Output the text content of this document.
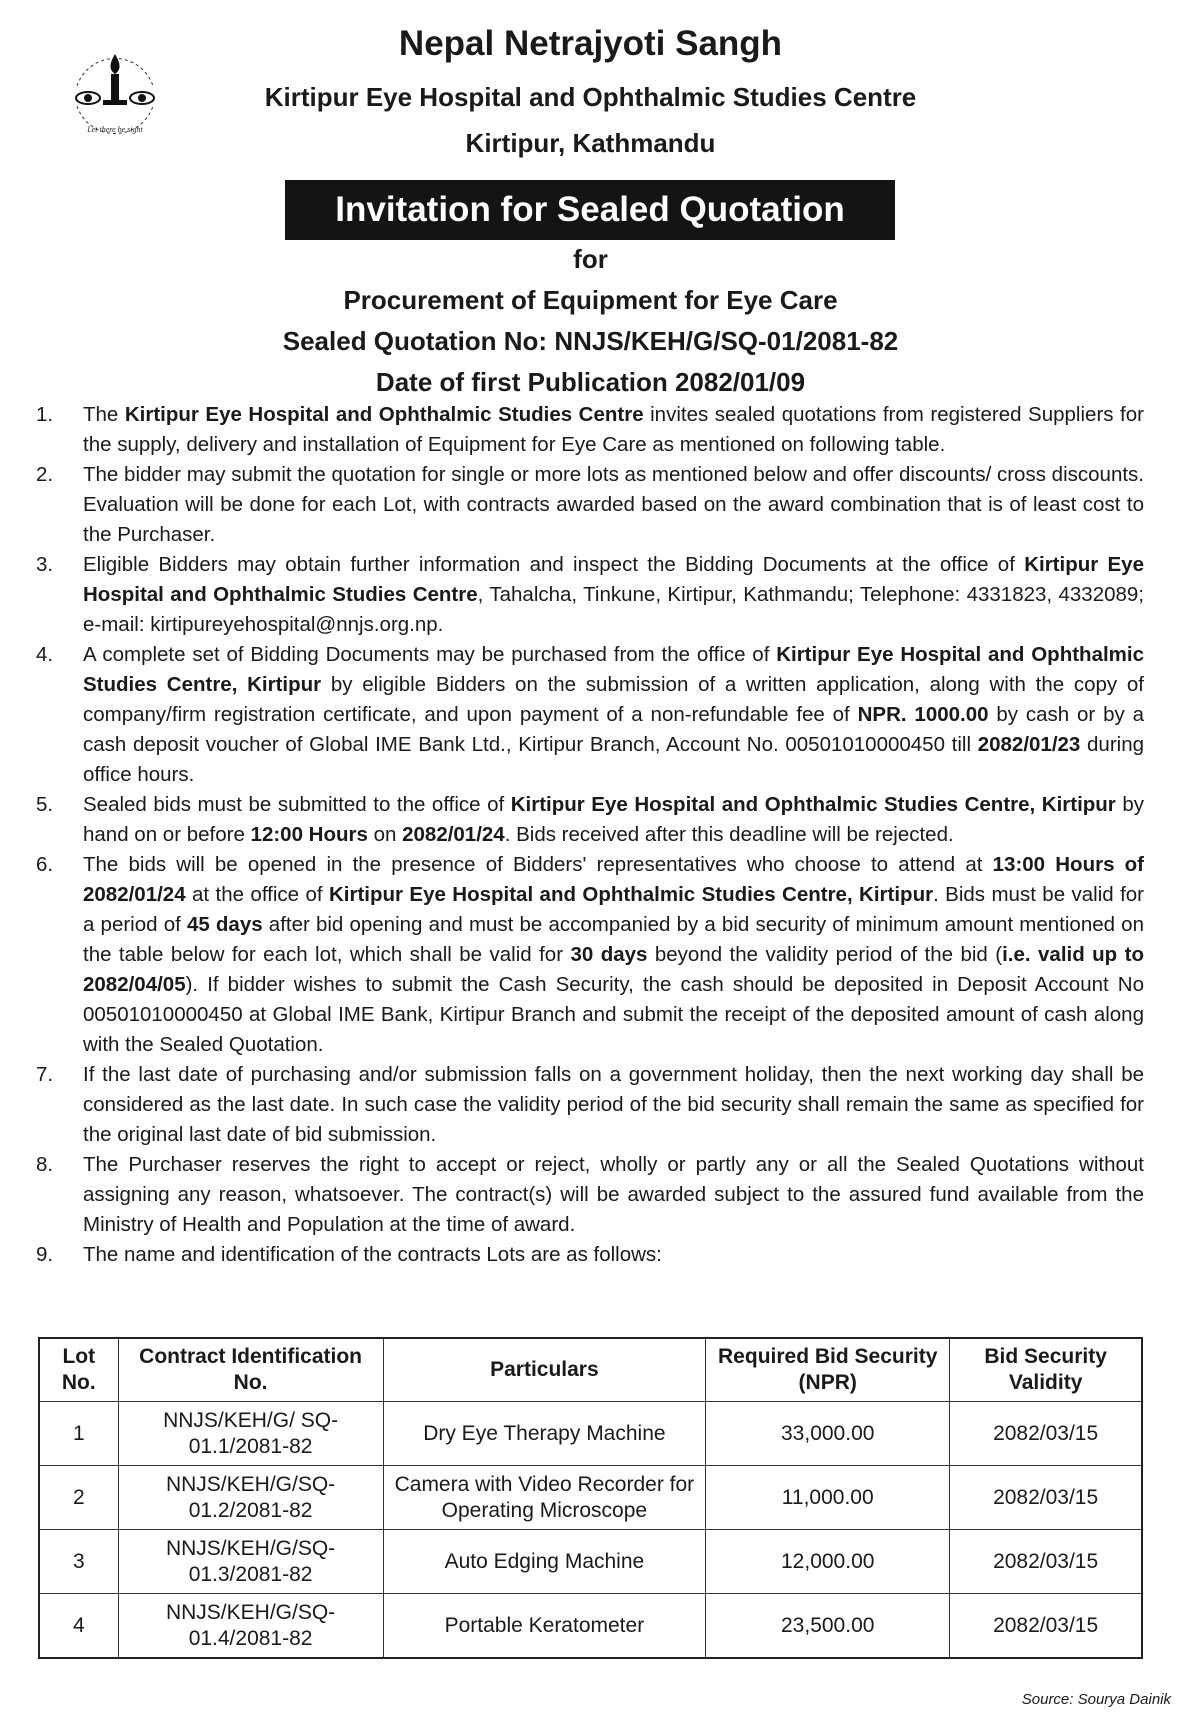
Let there be sight
Nepal Netrajyoti Sangh
Kirtipur Eye Hospital and Ophthalmic Studies Centre
Kirtipur, Kathmandu
Invitation for Sealed Quotation
for
Procurement of Equipment for Eye Care
Sealed Quotation No: NNJS/KEH/G/SQ-01/2081-82
Date of first Publication 2082/01/09
1.	The Kirtipur Eye Hospital and Ophthalmic Studies Centre invites sealed quotations from registered Suppliers for the supply, delivery and installation of Equipment for Eye Care as mentioned on following table.
2.	The bidder may submit the quotation for single or more lots as mentioned below and offer discounts/ cross discounts. Evaluation will be done for each Lot, with contracts awarded based on the award combination that is of least cost to the Purchaser.
3.	Eligible Bidders may obtain further information and inspect the Bidding Documents at the office of Kirtipur Eye Hospital and Ophthalmic Studies Centre, Tahalcha, Tinkune, Kirtipur, Kathmandu; Telephone: 4331823, 4332089; e-mail: kirtipureyehospital@nnjs.org.np.
4.	A complete set of Bidding Documents may be purchased from the office of Kirtipur Eye Hospital and Ophthalmic Studies Centre, Kirtipur by eligible Bidders on the submission of a written application, along with the copy of company/firm registration certificate, and upon payment of a non-refundable fee of NPR. 1000.00 by cash or by a cash deposit voucher of Global IME Bank Ltd., Kirtipur Branch, Account No. 00501010000450 till 2082/01/23 during office hours.
5.	Sealed bids must be submitted to the office of Kirtipur Eye Hospital and Ophthalmic Studies Centre, Kirtipur by hand on or before 12:00 Hours on 2082/01/24. Bids received after this deadline will be rejected.
6.	The bids will be opened in the presence of Bidders' representatives who choose to attend at 13:00 Hours of 2082/01/24 at the office of Kirtipur Eye Hospital and Ophthalmic Studies Centre, Kirtipur. Bids must be valid for a period of 45 days after bid opening and must be accompanied by a bid security of minimum amount mentioned on the table below for each lot, which shall be valid for 30 days beyond the validity period of the bid (i.e. valid up to 2082/04/05). If bidder wishes to submit the Cash Security, the cash should be deposited in Deposit Account No 00501010000450 at Global IME Bank, Kirtipur Branch and submit the receipt of the deposited amount of cash along with the Sealed Quotation.
7.	If the last date of purchasing and/or submission falls on a government holiday, then the next working day shall be considered as the last date. In such case the validity period of the bid security shall remain the same as specified for the original last date of bid submission.
8.	The Purchaser reserves the right to accept or reject, wholly or partly any or all the Sealed Quotations without assigning any reason, whatsoever. The contract(s) will be awarded subject to the assured fund available from the Ministry of Health and Population at the time of award.
9.	The name and identification of the contracts Lots are as follows:
Lot No.	Contract Identification No.	Particulars	Required Bid Security (NPR)	Bid Security Validity
1	NNJS/KEH/G/ SQ-01.1/2081-82	Dry Eye Therapy Machine	33,000.00	2082/03/15
2	NNJS/KEH/G/SQ- 01.2/2081-82	Camera with Video Recorder for Operating Microscope	11,000.00	2082/03/15
3	NNJS/KEH/G/SQ- 01.3/2081-82	Auto Edging Machine	12,000.00	2082/03/15
4	NNJS/KEH/G/SQ- 01.4/2081-82	Portable Keratometer	23,500.00	2082/03/15
Source: Sourya Dainik
